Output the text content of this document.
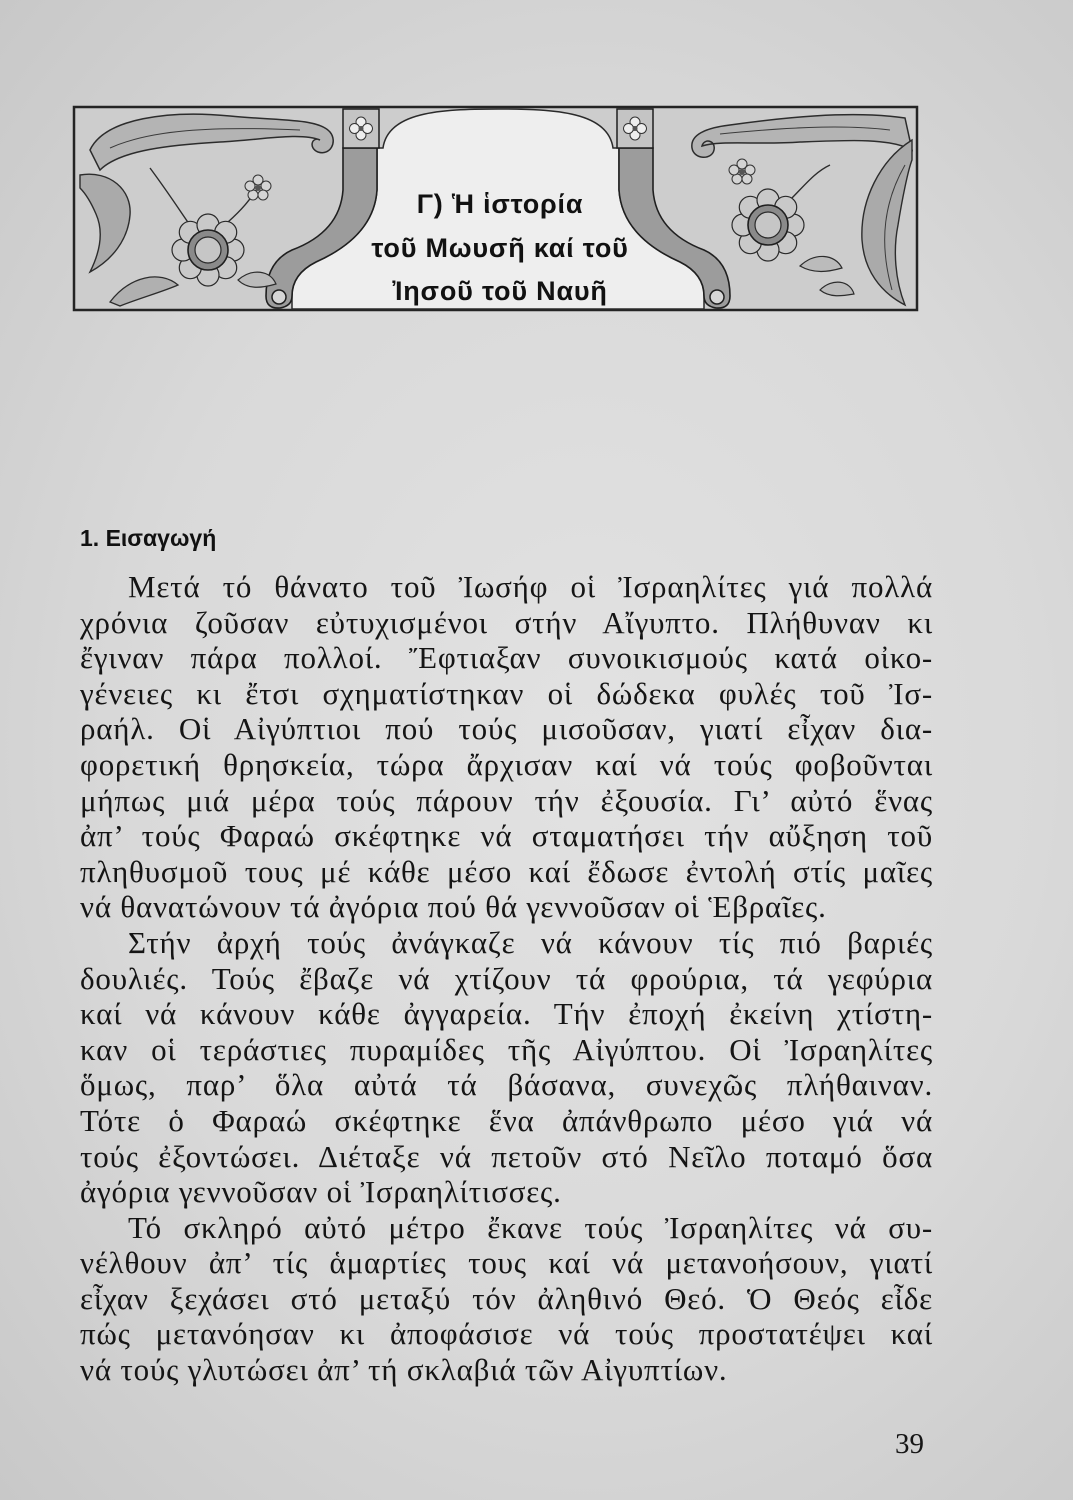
Γ) Ἡ ἱστορία
τοῦ Μωυσῆ καί τοῦ
Ἰησοῦ τοῦ Ναυῆ
1. Εισαγωγή
Μετά τό θάνατο τοῦ Ἰωσήφ οἱ Ἰσραηλίτες γιά πολλά
χρόνια ζοῦσαν εὐτυχισμένοι στήν Αἴγυπτο. Πλήθυναν κι
ἔγιναν πάρα πολλοί. Ἔφτιαξαν συνοικισμούς κατά οἰκο-
γένειες κι ἔτσι σχηματίστηκαν οἱ δώδεκα φυλές τοῦ Ἰσ-
ραήλ. Οἱ Αἰγύπτιοι πού τούς μισοῦσαν, γιατί εἶχαν δια-
φορετική θρησκεία, τώρα ἄρχισαν καί νά τούς φοβοῦνται
μήπως μιά μέρα τούς πάρουν τήν ἐξουσία. Γι’ αὐτό ἕνας
ἀπ’ τούς Φαραώ σκέφτηκε νά σταματήσει τήν αὔξηση τοῦ
πληθυσμοῦ τους μέ κάθε μέσο καί ἔδωσε ἐντολή στίς μαῖες
νά θανατώνουν τά ἀγόρια πού θά γεννοῦσαν οἱ Ἑβραῖες.
Στήν ἀρχή τούς ἀνάγκαζε νά κάνουν τίς πιό βαριές
δουλιές. Τούς ἔβαζε νά χτίζουν τά φρούρια, τά γεφύρια
καί νά κάνουν κάθε ἀγγαρεία. Τήν ἐποχή ἐκείνη χτίστη-
καν οἱ τεράστιες πυραμίδες τῆς Αἰγύπτου. Οἱ Ἰσραηλίτες
ὅμως, παρ’ ὅλα αὐτά τά βάσανα, συνεχῶς πλήθαιναν.
Τότε ὁ Φαραώ σκέφτηκε ἕνα ἀπάνθρωπο μέσο γιά νά
τούς ἐξοντώσει. Διέταξε νά πετοῦν στό Νεῖλο ποταμό ὅσα
ἀγόρια γεννοῦσαν οἱ Ἰσραηλίτισσες.
Τό σκληρό αὐτό μέτρο ἔκανε τούς Ἰσραηλίτες νά συ-
νέλθουν ἀπ’ τίς ἁμαρτίες τους καί νά μετανοήσουν, γιατί
εἶχαν ξεχάσει στό μεταξύ τόν ἀληθινό Θεό. Ὁ Θεός εἶδε
πώς μετανόησαν κι ἀποφάσισε νά τούς προστατέψει καί
νά τούς γλυτώσει ἀπ’ τή σκλαβιά τῶν Αἰγυπτίων.
39
